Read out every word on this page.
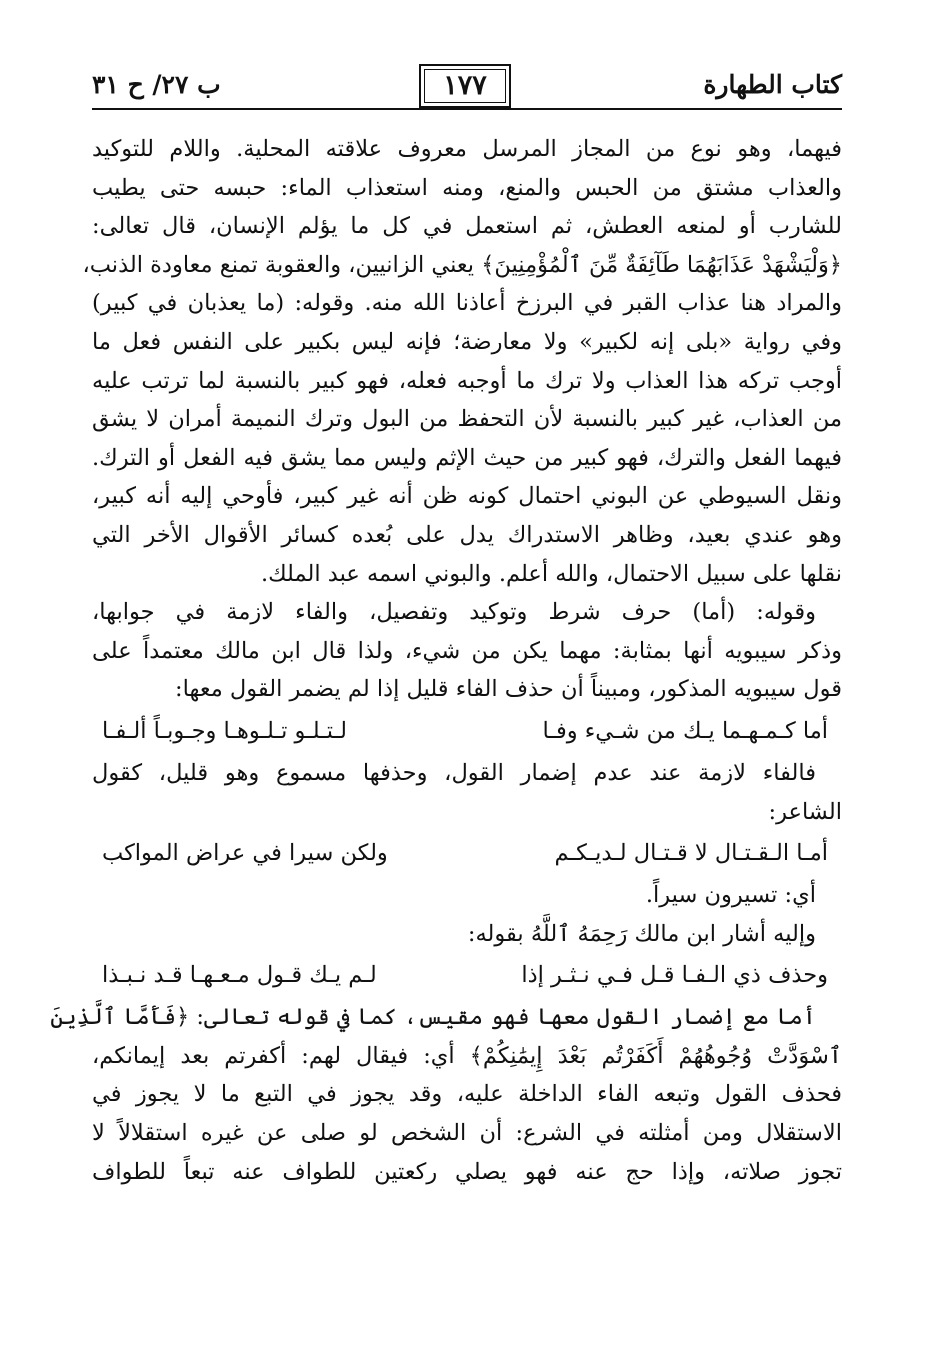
ب ٢٧/ ح ٣١	١٧٧	كتاب الطهارة
فيهما، وهو نوع من المجاز المرسل معروف علاقته المحلية. واللام للتوكيد
والعذاب مشتق من الحبس والمنع، ومنه استعذاب الماء: حبسه حتى يطيب
للشارب أو لمنعه العطش، ثم استعمل في كل ما يؤلم الإنسان، قال تعالى:
﴿وَلْيَشْهَدْ عَذَابَهُمَا طَآئِفَةٌ مِّنَ ٱلْمُؤْمِنِينَ﴾ يعني الزانيين، والعقوبة تمنع معاودة الذنب،
والمراد هنا عذاب القبر في البرزخ أعاذنا الله منه. وقوله: (ما يعذبان في كبير)
وفي رواية «بلى إنه لكبير» ولا معارضة؛ فإنه ليس بكبير على النفس فعل ما
أوجب تركه هذا العذاب ولا ترك ما أوجبه فعله، فهو كبير بالنسبة لما ترتب عليه
من العذاب، غير كبير بالنسبة لأن التحفظ من البول وترك النميمة أمران لا يشق
فيهما الفعل والترك، فهو كبير من حيث الإثم وليس مما يشق فيه الفعل أو الترك.
ونقل السيوطي عن البوني احتمال كونه ظن أنه غير كبير، فأوحي إليه أنه كبير،
وهو عندي بعيد، وظاهر الاستدراك يدل على بُعده كسائر الأقوال الأخر التي
نقلها على سبيل الاحتمال، والله أعلم. والبوني اسمه عبد الملك.
وقوله: (أما) حرف شرط وتوكيد وتفصيل، والفاء لازمة في جوابها،
وذكر سيبويه أنها بمثابة: مهما يكن من شيء، ولذا قال ابن مالك معتمداً على
قول سيبويه المذكور، ومبيناً أن حذف الفاء قليل إذا لم يضمر القول معها:
أما كـمـهـما يـك من شـيء وفـا
لـتـلـو تـلـوهـا وجـوبـاً ألـفـا
فالفاء لازمة عند عدم إضمار القول، وحذفها مسموع وهو قليل، كقول
الشاعر:
أمـا الـقـتـال لا قـتـال لـديـكـم
ولكن سيرا في عراض المواكب
أي: تسيرون سيراً.
وإليه أشار ابن مالك رَحِمَهُ ٱللَّهُ بقوله:
وحذف ذي الـفـا قـل فـي نـثـر إذا
لـم يـك قـول مـعـهـا قـد نـبـذا
أما مع إضمار القول معها فهو مقيس، كما في قوله تعالى: ﴿فَأَمَّا ٱلَّذِينَ
ٱسْوَدَّتْ وُجُوهُهُمْ أَكَفَرْتُم بَعْدَ إِيمَٰنِكُمْ﴾ أي: فيقال لهم: أكفرتم بعد إيمانكم،
فحذف القول وتبعه الفاء الداخلة عليه، وقد يجوز في التبع ما لا يجوز في
الاستقلال ومن أمثلته في الشرع: أن الشخص لو صلى عن غيره استقلالاً لا
تجوز صلاته، وإذا حج عنه فهو يصلي ركعتين للطواف عنه تبعاً للطواف
